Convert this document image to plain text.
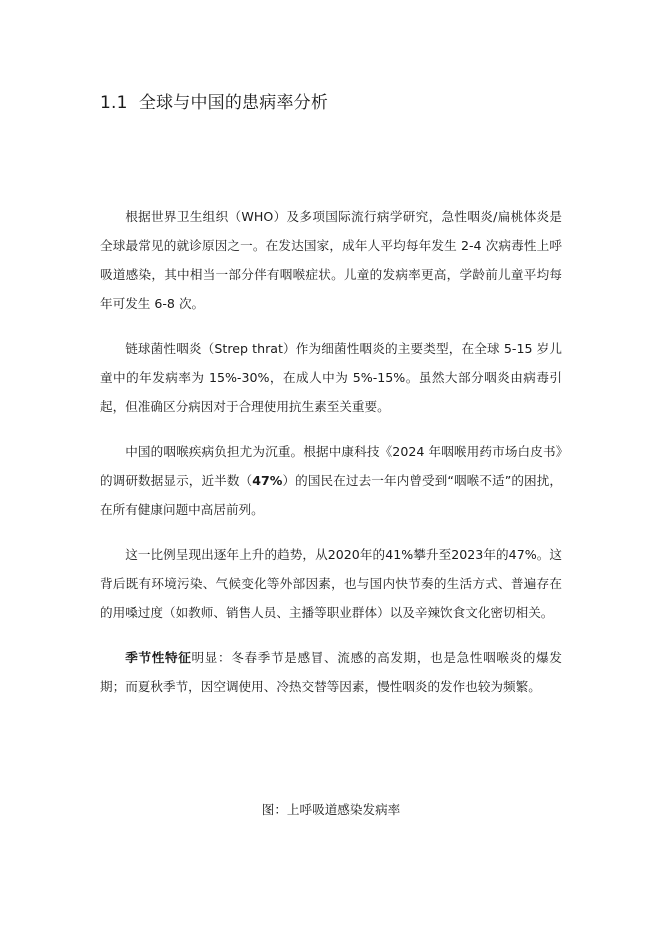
1.1 全球与中国的患病率分析

根据世界卫生组织（WHO）及多项国际流行病学研究，急性咽炎/扁桃体炎是全球最常见的就诊原因之一。在发达国家，成年人平均每年发生 2-4 次病毒性上呼吸道感染，其中相当一部分伴有咽喉症状。儿童的发病率更高，学龄前儿童平均每年可发生 6-8 次。

链球菌性咽炎（Strep thrat）作为细菌性咽炎的主要类型，在全球 5-15 岁儿童中的年发病率为 15%-30%，在成人中为 5%-15%。虽然大部分咽炎由病毒引起，但准确区分病因对于合理使用抗生素至关重要。

中国的咽喉疾病负担尤为沉重。根据中康科技《2024 年咽喉用药市场白皮书》的调研数据显示，近半数（47%）的国民在过去一年内曾受到“咽喉不适”的困扰，在所有健康问题中高居前列。

这一比例呈现出逐年上升的趋势，从2020年的41%攀升至2023年的47%。这背后既有环境污染、气候变化等外部因素，也与国内快节奏的生活方式、普遍存在的用嗓过度（如教师、销售人员、主播等职业群体）以及辛辣饮食文化密切相关。

季节性特征明显：冬春季节是感冒、流感的高发期，也是急性咽喉炎的爆发期；而夏秋季节，因空调使用、冷热交替等因素，慢性咽炎的发作也较为频繁。

图：上呼吸道感染发病率
